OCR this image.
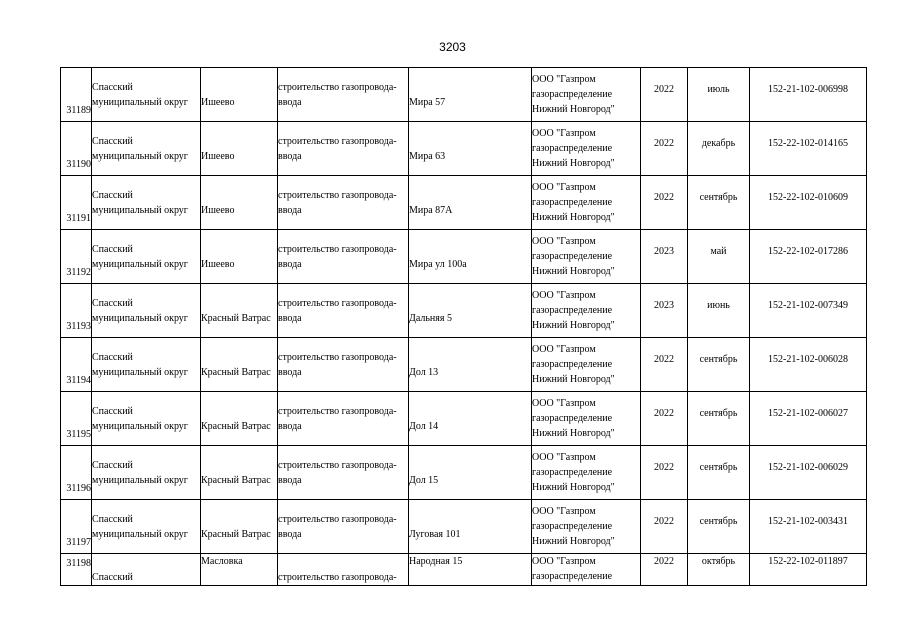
3203
31189	Спасский
муниципальный округ	Ишеево	строительство газопровода-
ввода	Мира 57	ООО "Газпром
газораспределение
Нижний Новгород"	2022	июль	152-21-102-006998

31190	Спасский
муниципальный округ	Ишеево	строительство газопровода-
ввода	Мира 63	ООО "Газпром
газораспределение
Нижний Новгород"	2022	декабрь	152-22-102-014165

31191	Спасский
муниципальный округ	Ишеево	строительство газопровода-
ввода	Мира 87А	ООО "Газпром
газораспределение
Нижний Новгород"	2022	сентябрь	152-22-102-010609

31192	Спасский
муниципальный округ	Ишеево	строительство газопровода-
ввода	Мира ул 100а	ООО "Газпром
газораспределение
Нижний Новгород"	2023	май	152-22-102-017286

31193	Спасский
муниципальный округ	Красный Ватрас	строительство газопровода-
ввода	Дальняя 5	ООО "Газпром
газораспределение
Нижний Новгород"	2023	июнь	152-21-102-007349

31194	Спасский
муниципальный округ	Красный Ватрас	строительство газопровода-
ввода	Дол 13	ООО "Газпром
газораспределение
Нижний Новгород"	2022	сентябрь	152-21-102-006028

31195	Спасский
муниципальный округ	Красный Ватрас	строительство газопровода-
ввода	Дол 14	ООО "Газпром
газораспределение
Нижний Новгород"	2022	сентябрь	152-21-102-006027

31196	Спасский
муниципальный округ	Красный Ватрас	строительство газопровода-
ввода	Дол 15	ООО "Газпром
газораспределение
Нижний Новгород"	2022	сентябрь	152-21-102-006029

31197	Спасский
муниципальный округ	Красный Ватрас	строительство газопровода-
ввода	Луговая 101	ООО "Газпром
газораспределение
Нижний Новгород"	2022	сентябрь	152-21-102-003431

31198	Спасский	Масловка	строительство газопровода-	Народная 15	ООО "Газпром
газораспределение	2022	октябрь	152-22-102-011897
